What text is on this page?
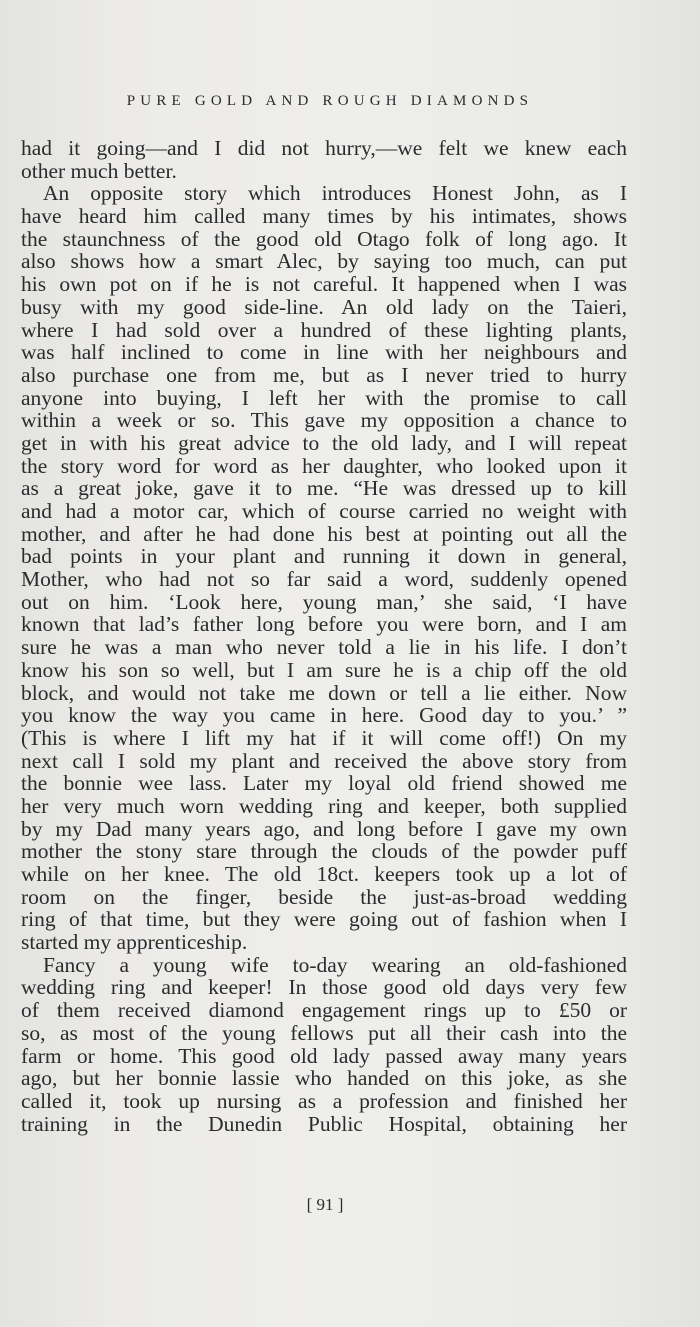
PURE GOLD AND ROUGH DIAMONDS
had it going—and I did not hurry,—we felt we knew each
other much better.
An opposite story which introduces Honest John, as I
have heard him called many times by his intimates, shows
the staunchness of the good old Otago folk of long ago. It
also shows how a smart Alec, by saying too much, can put
his own pot on if he is not careful. It happened when I was
busy with my good side-line. An old lady on the Taieri,
where I had sold over a hundred of these lighting plants,
was half inclined to come in line with her neighbours and
also purchase one from me, but as I never tried to hurry
anyone into buying, I left her with the promise to call
within a week or so. This gave my opposition a chance to
get in with his great advice to the old lady, and I will repeat
the story word for word as her daughter, who looked upon it
as a great joke, gave it to me. “He was dressed up to kill
and had a motor car, which of course carried no weight with
mother, and after he had done his best at pointing out all the
bad points in your plant and running it down in general,
Mother, who had not so far said a word, suddenly opened
out on him. ‘Look here, young man,’ she said, ‘I have
known that lad’s father long before you were born, and I am
sure he was a man who never told a lie in his life. I don’t
know his son so well, but I am sure he is a chip off the old
block, and would not take me down or tell a lie either. Now
you know the way you came in here. Good day to you.’ ”
(This is where I lift my hat if it will come off!) On my
next call I sold my plant and received the above story from
the bonnie wee lass. Later my loyal old friend showed me
her very much worn wedding ring and keeper, both supplied
by my Dad many years ago, and long before I gave my own
mother the stony stare through the clouds of the powder puff
while on her knee. The old 18ct. keepers took up a lot of
room on the finger, beside the just-as-broad wedding
ring of that time, but they were going out of fashion when I
started my apprenticeship.
Fancy a young wife to-day wearing an old-fashioned
wedding ring and keeper! In those good old days very few
of them received diamond engagement rings up to £50 or
so, as most of the young fellows put all their cash into the
farm or home. This good old lady passed away many years
ago, but her bonnie lassie who handed on this joke, as she
called it, took up nursing as a profession and finished her
training in the Dunedin Public Hospital, obtaining her
[ 91 ]
